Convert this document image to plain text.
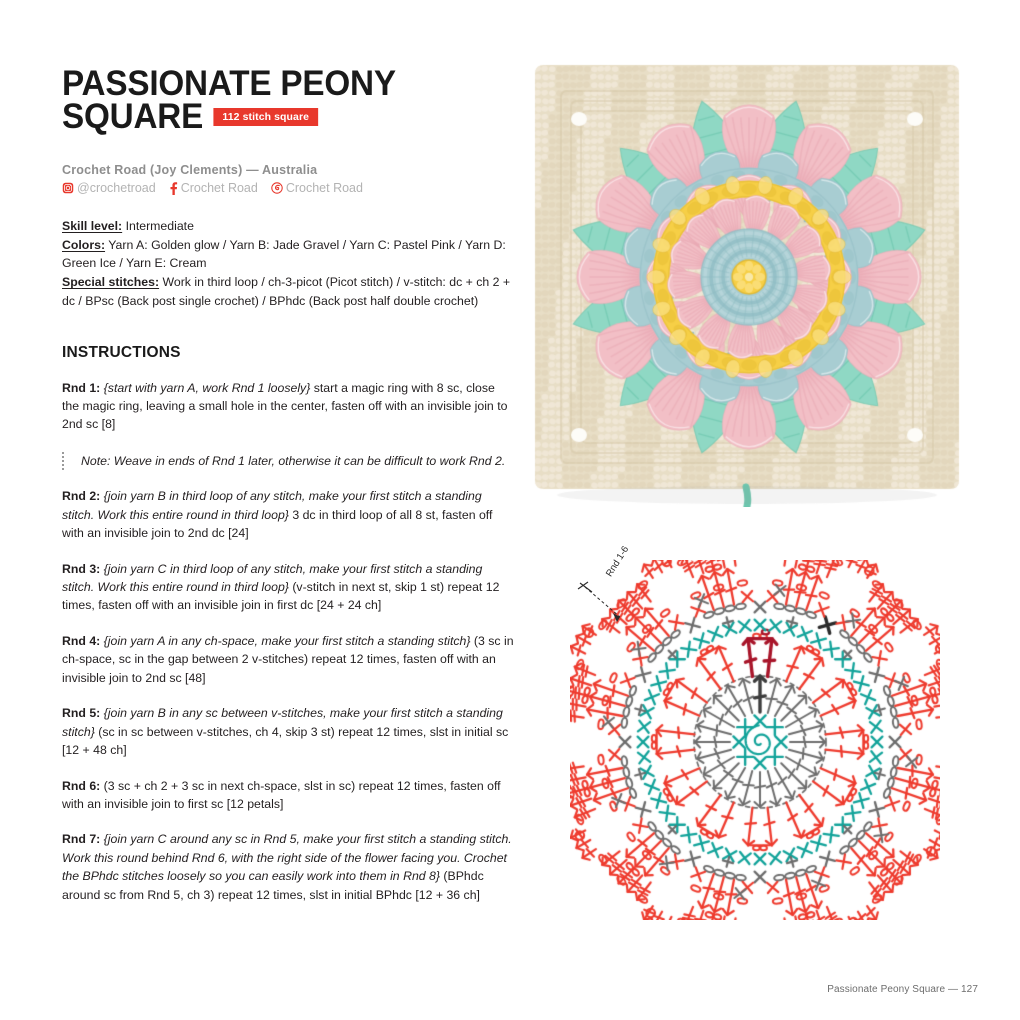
PASSIONATE PEONY
SQUARE	112 stitch square
Crochet Road (Joy Clements) — Australia
@crochetroad Crochet Road Crochet Road

Skill level: Intermediate

Colors: Yarn A: Golden glow / Yarn B: Jade Gravel / Yarn C: Pastel Pink / Yarn D: Green Ice / Yarn E: Cream

Special stitches: Work in third loop / ch-3-picot (Picot stitch) / v-stitch: dc + ch 2 + dc / BPsc (Back post single crochet) / BPhdc (Back post half double crochet)

INSTRUCTIONS
Rnd 1: {start with yarn A, work Rnd 1 loosely} start a magic ring with 8 sc, close the magic ring, leaving a small hole in the center, fasten off with an invisible join to 2nd sc [8]
Note: Weave in ends of Rnd 1 later, otherwise it can be difficult to work Rnd 2.
Rnd 2: {join yarn B in third loop of any stitch, make your first stitch a standing stitch. Work this entire round in third loop} 3 dc in third loop of all 8 st, fasten off with an invisible join to 2nd dc [24]
Rnd 3: {join yarn C in third loop of any stitch, make your first stitch a standing stitch. Work this entire round in third loop} (v-stitch in next st, skip 1 st) repeat 12 times, fasten off with an invisible join in first dc [24 + 24 ch]
Rnd 4: {join yarn A in any ch-space, make your first stitch a standing stitch} (3 sc in ch-space, sc in the gap between 2 v-stitches) repeat 12 times, fasten off with an invisible join to 2nd sc [48]
Rnd 5: {join yarn B in any sc between v-stitches, make your first stitch a standing stitch} (sc in sc between v-stitches, ch 4, skip 3 st) repeat 12 times, slst in initial sc [12 + 48 ch]
Rnd 6: (3 sc + ch 2 + 3 sc in next ch-space, slst in sc) repeat 12 times, fasten off with an invisible join to first sc [12 petals]
Rnd 7: {join yarn C around any sc in Rnd 5, make your first stitch a standing stitch. Work this round behind Rnd 6, with the right side of the flower facing you. Crochet the BPhdc stitches loosely so you can easily work into them in Rnd 8} (BPhdc around sc from Rnd 5, ch 3) repeat 12 times, slst in initial BPhdc [12 + 36 ch]
Rnd 1-6
Passionate Peony Square — 127
